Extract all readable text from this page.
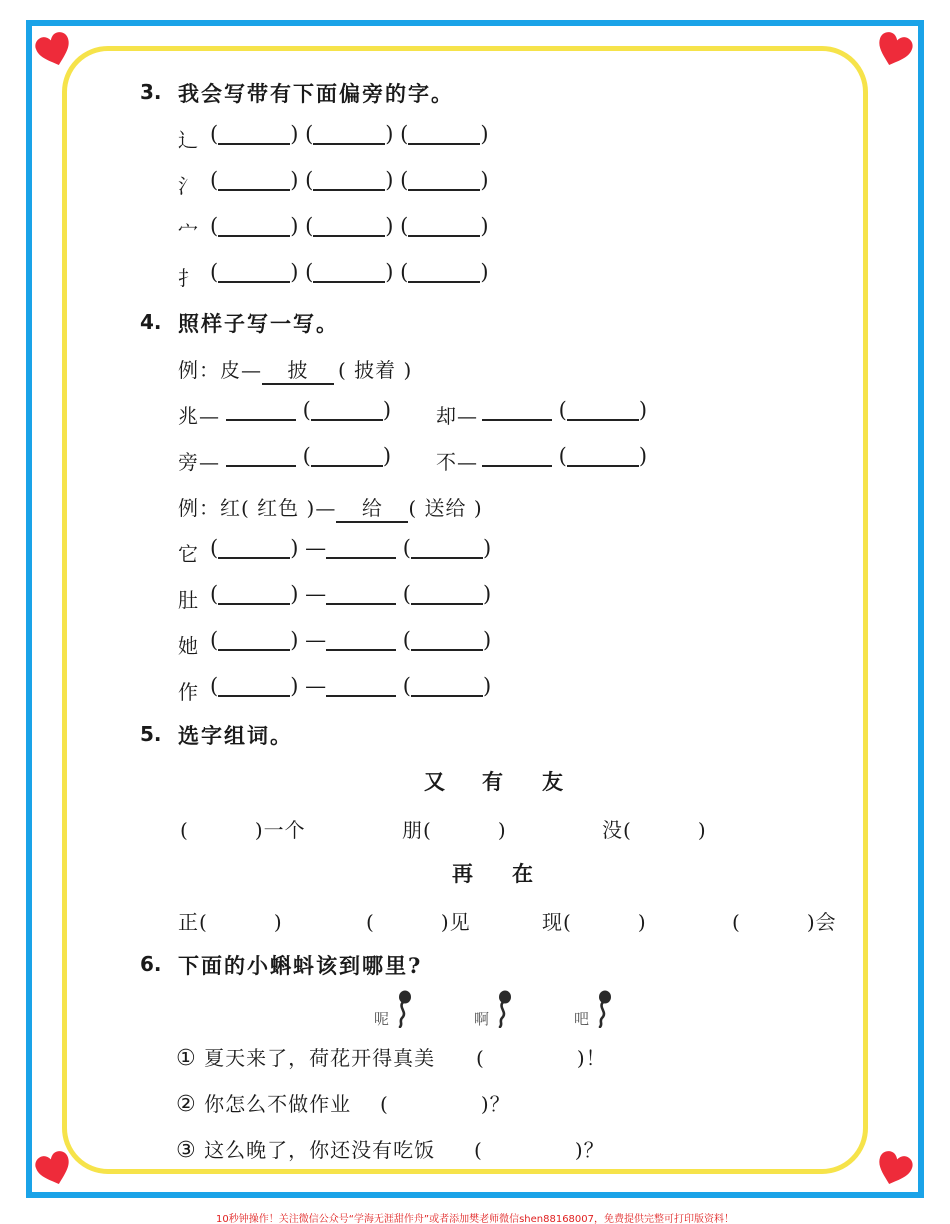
3. 我会写带有下面偏旁的字。
辶 (	) (	) (	)
氵 (	) (	) (	)
宀 (	) (	) (	)
扌 (	) (	) (	)
4. 照样子写一写。
例：皮— 披 ( 披着 )
兆—	(	) 却—	(	)
旁—	(	) 不—	(	)
例：红( 红色 )— 给 ( 送给 )
它 (	) —	(	)
肚 (	) —	(	)
她 (	) —	(	)
作 (	) —	(	)
5. 选字组词。
又 有 友
(	)一个	朋(	)	没(	)
再 在
正(	)	(	)见	现(	)	(	)会
6. 下面的小蝌蚪该到哪里?
呢	啊	吧
① 夏天来了，荷花开得真美 (	)！
② 你怎么不做作业 (	)？
③ 这么晚了，你还没有吃饭 (	)？
10秒钟操作！关注微信公众号“学海无涯甜作舟”或者添加樊老师微信shen88168007，免费提供完整可打印版资料！
